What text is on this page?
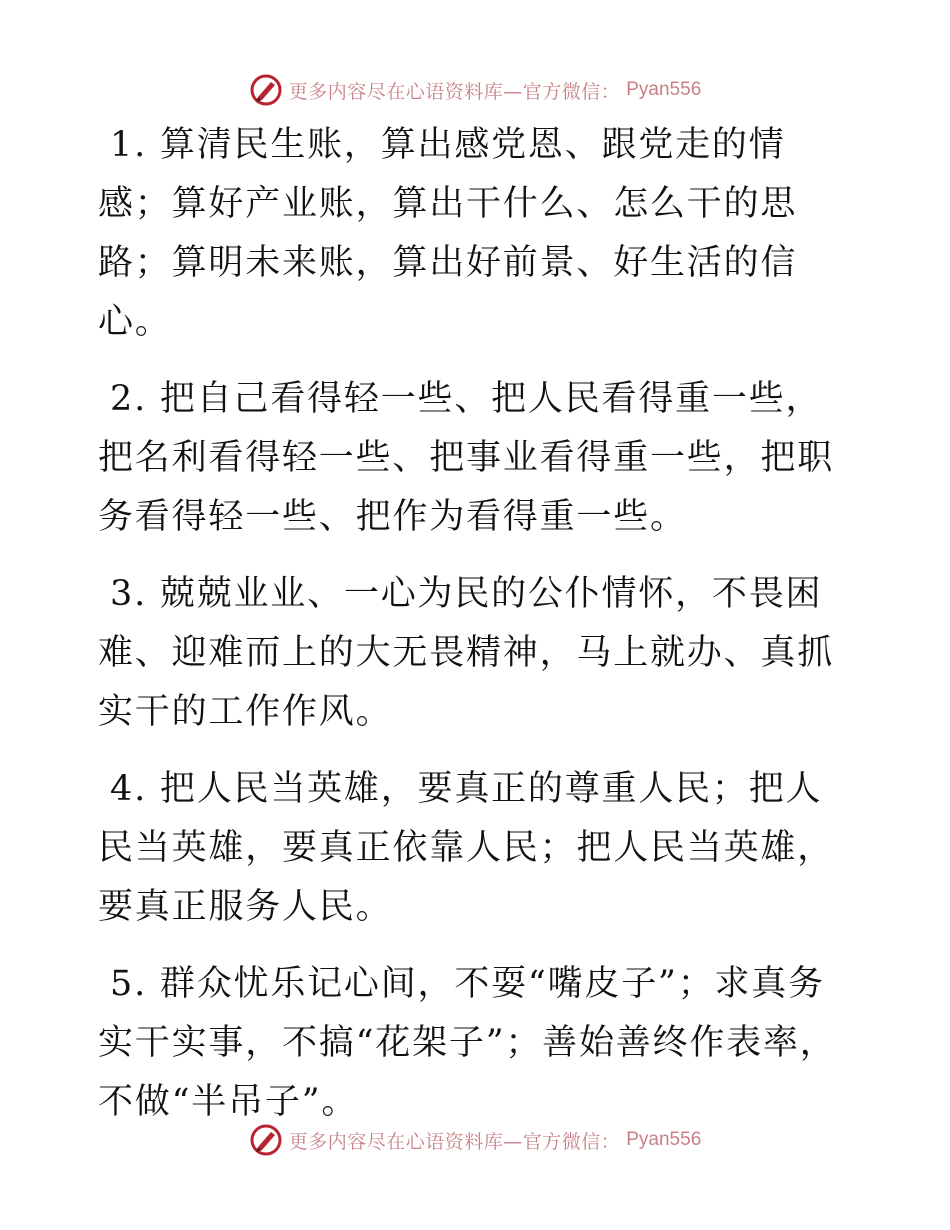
更多内容尽在心语资料库—官方微信： Pyan556

1. 算清民生账，算出感党恩、跟党走的情感；算好产业账，算出干什么、怎么干的思路；算明未来账，算出好前景、好生活的信心。

2. 把自己看得轻一些、把人民看得重一些，把名利看得轻一些、把事业看得重一些，把职务看得轻一些、把作为看得重一些。

3. 兢兢业业、一心为民的公仆情怀，不畏困难、迎难而上的大无畏精神，马上就办、真抓实干的工作作风。

4. 把人民当英雄，要真正的尊重人民；把人民当英雄，要真正依靠人民；把人民当英雄，要真正服务人民。

5. 群众忧乐记心间，不耍“嘴皮子”；求真务实干实事，不搞“花架子”；善始善终作表率，不做“半吊子”。

更多内容尽在心语资料库—官方微信： Pyan556
